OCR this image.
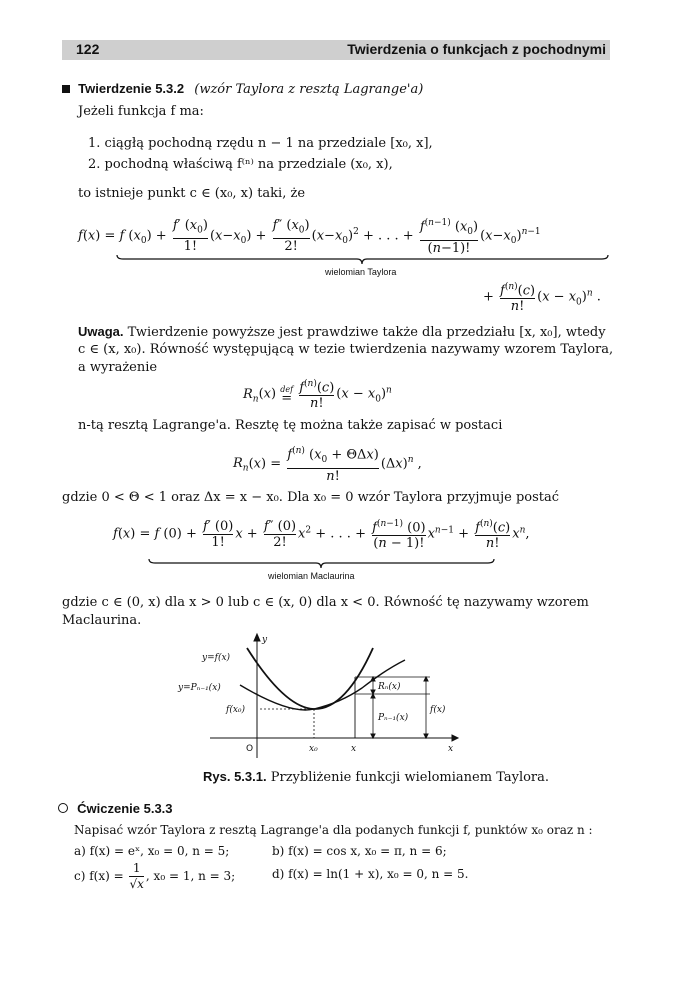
122	Twierdzenia o funkcjach z pochodnymi
Twierdzenie 5.3.2 (wzór Taylora z resztą Lagrange'a)
Jeżeli funkcja f ma:
1. ciągłą pochodną rzędu n − 1 na przedziale [x₀, x],
2. pochodną właściwą f⁽ⁿ⁾ na przedziale (x₀, x),
to istnieje punkt c ∈ (x₀, x) taki, że
f(x) = f $(x_0) + \frac{f' (x_0)}{1!} (x-x_0) + \frac{f'' (x_0)}{2!} (x-x_0)^2$ + . . . + $\frac{f^{(n-1)} (x_0)}{(n-1)!} (x-x_0)^{n-1}$
wielomian Taylora
+ $\frac{f^{(n)}(c)}{n!} (x - x_0)^n$ .
Uwaga. Twierdzenie powyższe jest prawdziwe także dla przedziału [x, x₀], wtedy
c ∈ (x, x₀). Równość występującą w tezie twierdzenia nazywamy wzorem Taylora,
a wyrażenie
$R_n(x)$ def
= $\frac{f^{(n)}(c)}{n!} (x - x_0)^n$
n-tą resztą Lagrange'a. Resztę tę można także zapisać w postaci
$R_n(x) = \frac{f^{(n)} (x_0 + \Theta\Delta x)}{n!} (\Delta x)^n$ ,
gdzie 0 < Θ < 1 oraz Δx = x − x₀. Dla x₀ = 0 wzór Taylora przyjmuje postać
f(x) = f $(0) + \frac{f' (0)}{1!}$ $x + \frac{f'' (0)}{2!} x^2$ + . . . + $\frac{f^{(n-1)} (0)}{(n - 1)!} x^{n-1} + \frac{f^{(n)}(c)}{n!} x^n$,
wielomian Maclaurina
gdzie c ∈ (0, x) dla x > 0 lub c ∈ (x, 0) dla x < 0. Równość tę nazywamy wzorem
Maclaurina.
y
y=f(x)
y=Pₙ₋₁(x)
f(x₀)
Rₙ(x)
Pₙ₋₁(x)
f(x)
x₀	x	x
O
Rys. 5.3.1. Przybliżenie funkcji wielomianem Taylora.
Ćwiczenie 5.3.3
Napisać wzór Taylora z resztą Lagrange'a dla podanych funkcji f, punktów x₀ oraz n :
a) f(x) = eˣ, x₀ = 0, n = 5;	b) f(x) = cos x, x₀ = π, n = 6;
c) $f(x) = \frac{1}{√x}$ , x₀ = 1, n = 3;	d) f(x) = ln(1 + x), x₀ = 0, n = 5.
